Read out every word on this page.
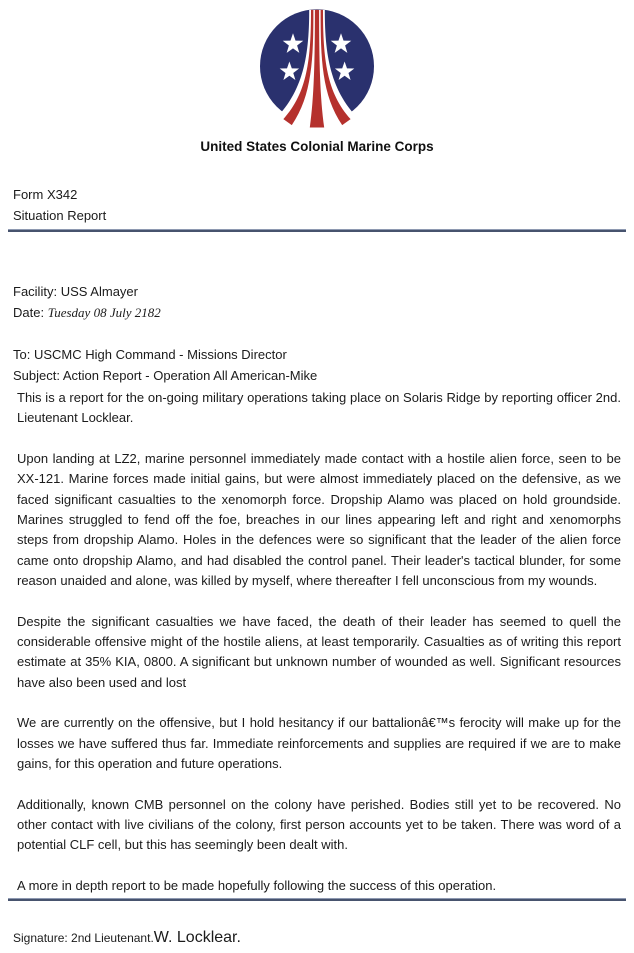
United States Colonial Marine Corps
Form X342
Situation Report
Facility: USS Almayer
Date: Tuesday 08 July 2182
To: USCMC High Command - Missions Director
Subject: Action Report - Operation All American-Mike

This is a report for the on-going military operations taking place on Solaris Ridge by reporting officer 2nd. Lieutenant Locklear.

Upon landing at LZ2, marine personnel immediately made contact with a hostile alien force, seen to be XX-121. Marine forces made initial gains, but were almost immediately placed on the defensive, as we faced significant casualties to the xenomorph force. Dropship Alamo was placed on hold groundside. Marines struggled to fend off the foe, breaches in our lines appearing left and right and xenomorphs steps from dropship Alamo. Holes in the defences were so significant that the leader of the alien force came onto dropship Alamo, and had disabled the control panel. Their leader's tactical blunder, for some reason unaided and alone, was killed by myself, where thereafter I fell unconscious from my wounds.

Despite the significant casualties we have faced, the death of their leader has seemed to quell the considerable offensive might of the hostile aliens, at least temporarily. Casualties as of writing this report estimate at 35% KIA, 0800. A significant but unknown number of wounded as well. Significant resources have also been used and lost

We are currently on the offensive, but I hold hesitancy if our battalionâ€™s ferocity will make up for the losses we have suffered thus far. Immediate reinforcements and supplies are required if we are to make gains, for this operation and future operations.

Additionally, known CMB personnel on the colony have perished. Bodies still yet to be recovered. No other contact with live civilians of the colony, first person accounts yet to be taken. There was word of a potential CLF cell, but this has seemingly been dealt with.

A more in depth report to be made hopefully following the success of this operation.

Signature: 2nd Lieutenant.W. Locklear.
